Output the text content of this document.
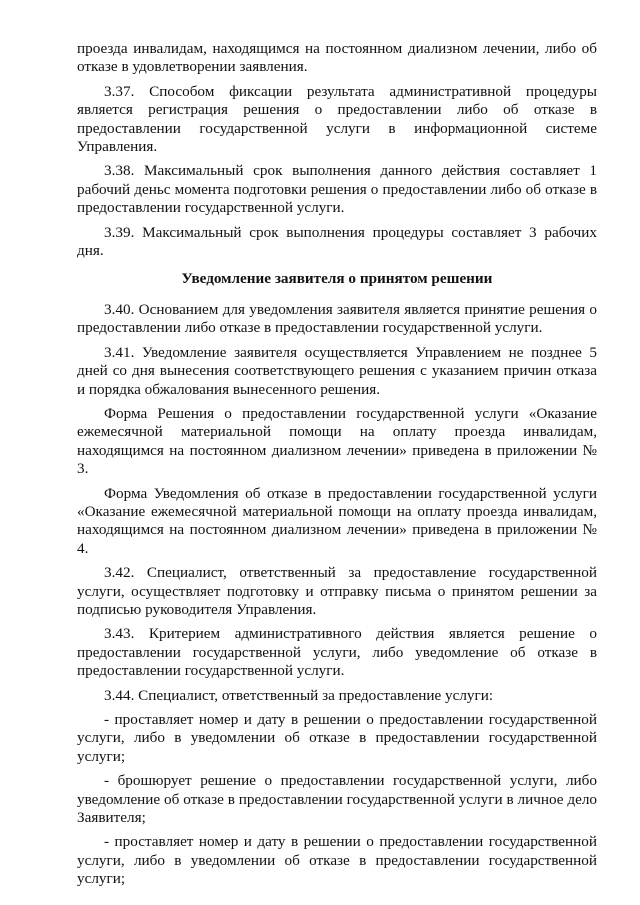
проезда инвалидам, находящимся на постоянном диализном лечении, либо об отказе в удовлетворении заявления.

3.37. Способом фиксации результата административной процедуры является регистрация решения о предоставлении либо об отказе в предоставлении государственной услуги в информационной системе Управления.

3.38. Максимальный срок выполнения данного действия составляет 1 рабочий деньс момента подготовки решения о предоставлении либо об отказе в предоставлении государственной услуги.

3.39. Максимальный срок выполнения процедуры составляет 3 рабочих дня.

Уведомление заявителя о принятом решении

3.40. Основанием для уведомления заявителя является принятие решения о предоставлении либо отказе в предоставлении государственной услуги.

3.41. Уведомление заявителя осуществляется Управлением не позднее 5 дней со дня вынесения соответствующего решения с указанием причин отказа и порядка обжалования вынесенного решения.

Форма Решения о предоставлении государственной услуги «Оказание ежемесячной материальной помощи на оплату проезда инвалидам, находящимся на постоянном диализном лечении» приведена в приложении № 3.

Форма Уведомления об отказе в предоставлении государственной услуги «Оказание ежемесячной материальной помощи на оплату проезда инвалидам, находящимся на постоянном диализном лечении» приведена в приложении № 4.

3.42. Специалист, ответственный за предоставление государственной услуги, осуществляет подготовку и отправку письма о принятом решении за подписью руководителя Управления.

3.43. Критерием административного действия является решение о предоставлении государственной услуги, либо уведомление об отказе в предоставлении государственной услуги.

3.44. Специалист, ответственный за предоставление услуги:

- проставляет номер и дату в решении о предоставлении государственной услуги, либо в уведомлении об отказе в предоставлении государственной услуги;

- брошюрует решение о предоставлении государственной услуги, либо уведомление об отказе в предоставлении государственной услуги в личное дело Заявителя;

- проставляет номер и дату в решении о предоставлении государственной услуги, либо в уведомлении об отказе в предоставлении государственной услуги;
